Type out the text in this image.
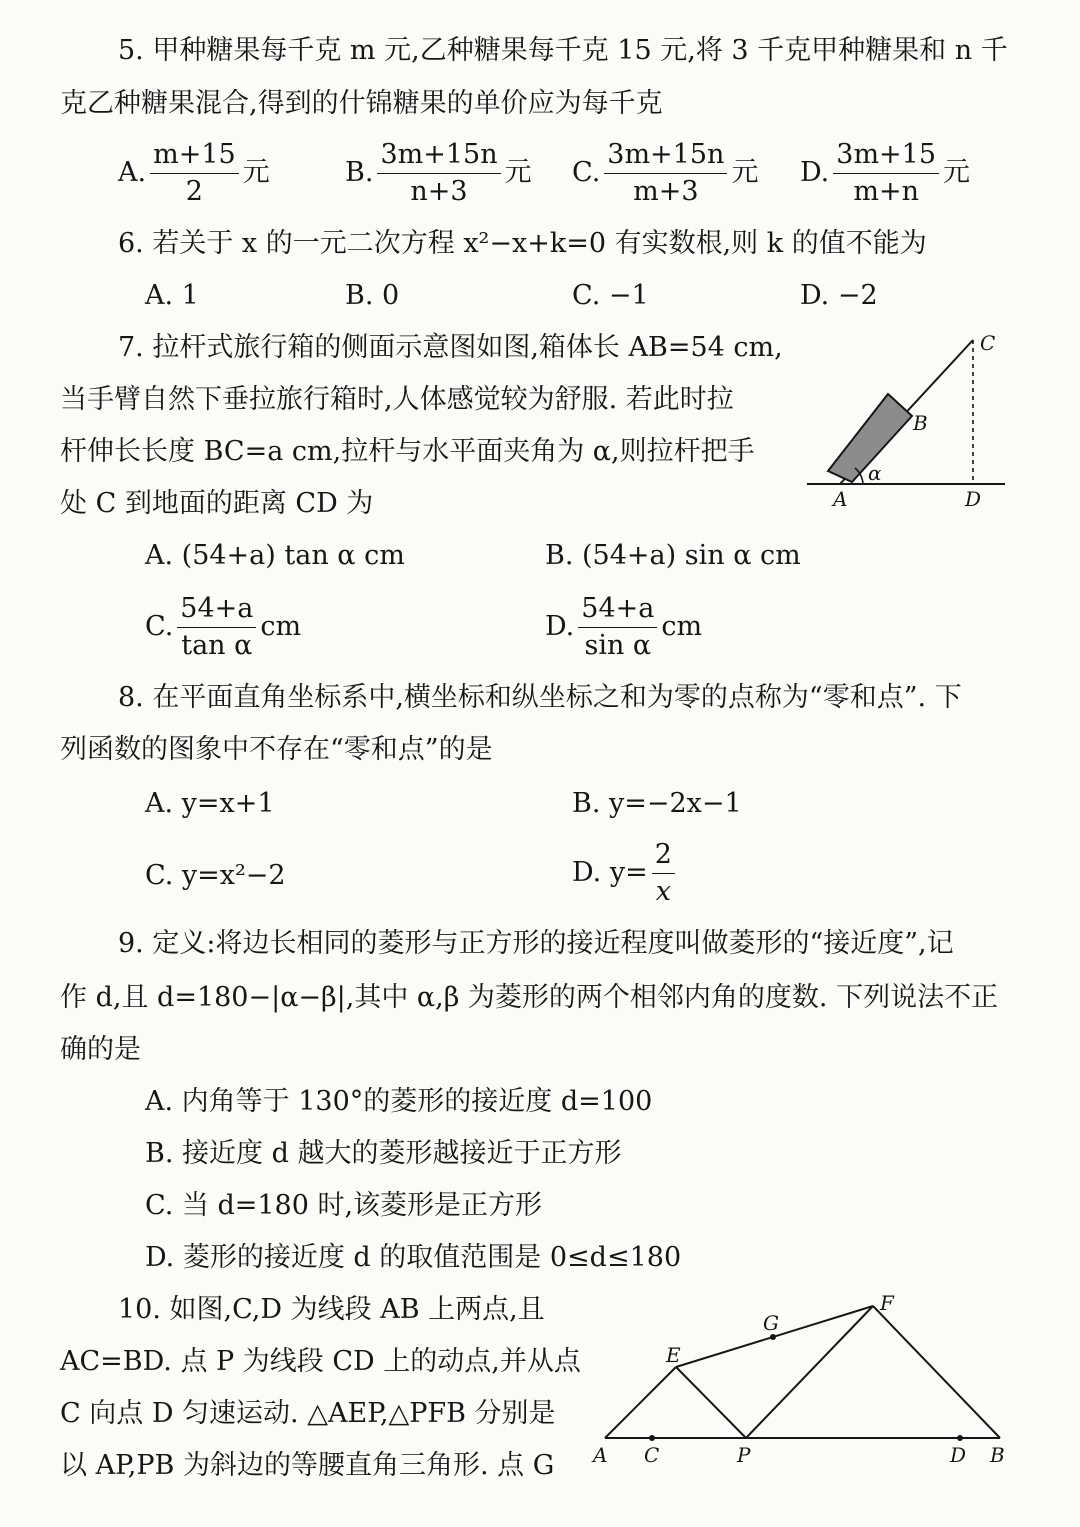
5. 甲种糖果每千克 m 元,乙种糖果每千克 15 元,将 3 千克甲种糖果和 n 千
克乙种糖果混合,得到的什锦糖果的单价应为每千克
A. $\frac{m+15}{2}$ 元	B. $\frac{3m+15n}{n+3}$ 元 C. $\frac{3m+15n}{m+3}$ 元 D. $\frac{3m+15}{m+n}$ 元
6. 若关于 x 的一元二次方程 x²−x+k=0 有实数根,则 k 的值不能为
A. 1	B. 0	C. −1	D. −2
7. 拉杆式旅行箱的侧面示意图如图,箱体长 AB=54 cm,
当手臂自然下垂拉旅行箱时,人体感觉较为舒服. 若此时拉
杆伸长长度 BC=a cm,拉杆与水平面夹角为 α,则拉杆把手
处 C 到地面的距离 CD 为
C
B
α
A	D
A. (54+a) tan α cm	B. (54+a) sin α cm
C. $\frac{54+a}{\text{tan α}}$ cm	D. $\frac{54+a}{\text{sin α}}$ cm
8. 在平面直角坐标系中,横坐标和纵坐标之和为零的点称为“零和点”. 下
列函数的图象中不存在“零和点”的是
A. y=x+1	B. y=−2x−1
C. y=x²−2	D. $y= \frac{2}{x}$
9. 定义:将边长相同的菱形与正方形的接近程度叫做菱形的“接近度”,记
作 d,且 d=180−|α−β|,其中 α,β 为菱形的两个相邻内角的度数. 下列说法不正
确的是
A. 内角等于 130°的菱形的接近度 d=100
B. 接近度 d 越大的菱形越接近于正方形
C. 当 d=180 时,该菱形是正方形
D. 菱形的接近度 d 的取值范围是 0≤d≤180
10. 如图,C,D 为线段 AB 上两点,且
AC=BD. 点 P 为线段 CD 上的动点,并从点
C 向点 D 匀速运动. △AEP,△PFB 分别是
以 AP,PB 为斜边的等腰直角三角形. 点 G A C	P	D B
E
G
F
